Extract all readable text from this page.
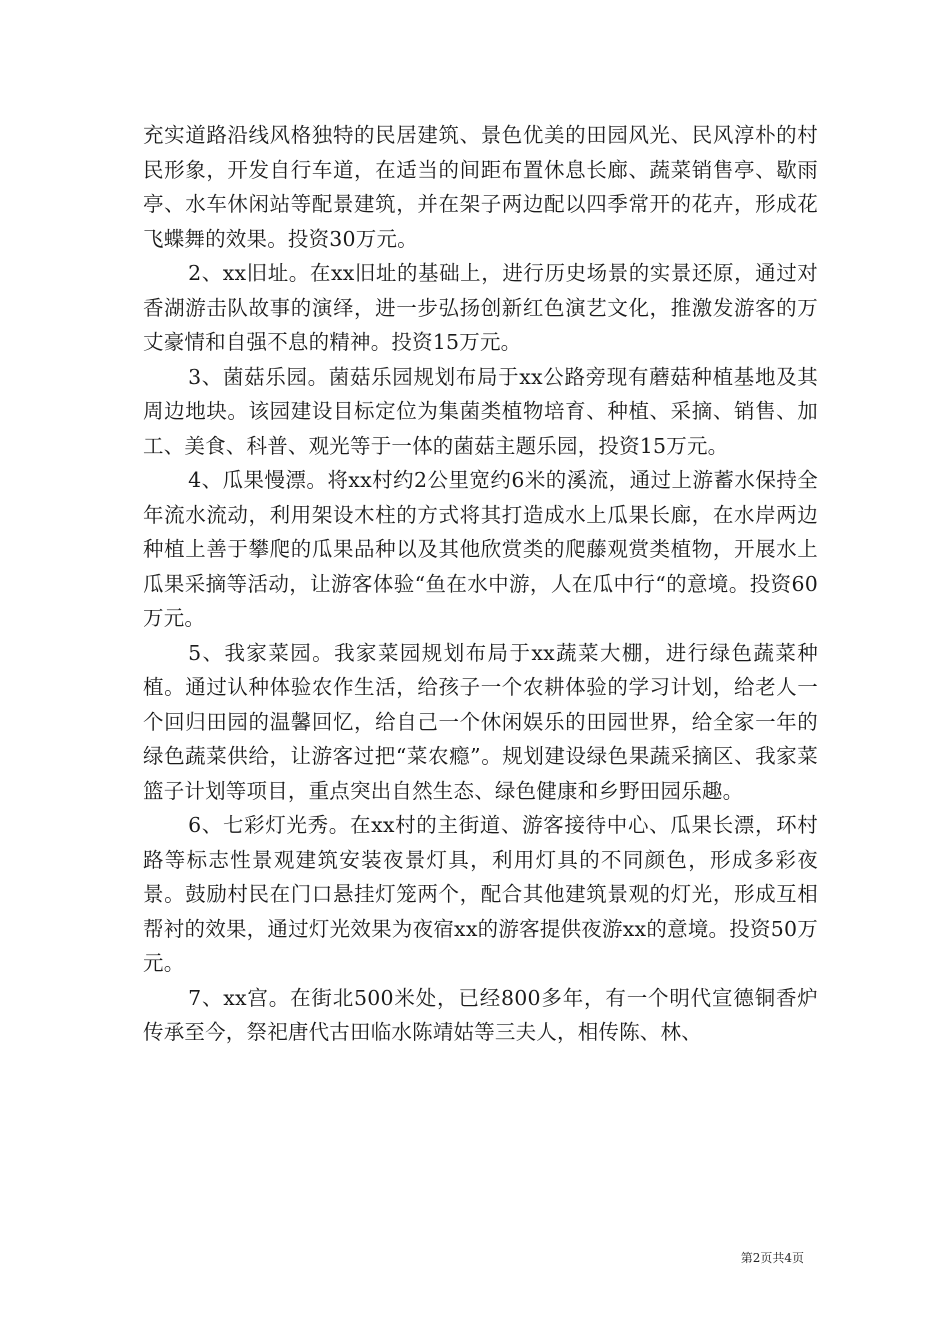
充实道路沿线风格独特的民居建筑、景色优美的田园风光、民风淳朴的村民形象，开发自行车道，在适当的间距布置休息长廊、蔬菜销售亭、歇雨亭、水车休闲站等配景建筑，并在架子两边配以四季常开的花卉，形成花飞蝶舞的效果。投资30万元。

2、xx旧址。在xx旧址的基础上，进行历史场景的实景还原，通过对香湖游击队故事的演绎，进一步弘扬创新红色演艺文化，推激发游客的万丈豪情和自强不息的精神。投资15万元。

3、菌菇乐园。菌菇乐园规划布局于xx公路旁现有蘑菇种植基地及其周边地块。该园建设目标定位为集菌类植物培育、种植、采摘、销售、加工、美食、科普、观光等于一体的菌菇主题乐园，投资15万元。

4、瓜果慢漂。将xx村约2公里宽约6米的溪流，通过上游蓄水保持全年流水流动，利用架设木柱的方式将其打造成水上瓜果长廊，在水岸两边种植上善于攀爬的瓜果品种以及其他欣赏类的爬藤观赏类植物，开展水上瓜果采摘等活动，让游客体验“鱼在水中游，人在瓜中行“的意境。投资60万元。

5、我家菜园。我家菜园规划布局于xx蔬菜大棚，进行绿色蔬菜种植。通过认种体验农作生活，给孩子一个农耕体验的学习计划，给老人一个回归田园的温馨回忆，给自己一个休闲娱乐的田园世界，给全家一年的绿色蔬菜供给，让游客过把“菜农瘾”。规划建设绿色果蔬采摘区、我家菜篮子计划等项目，重点突出自然生态、绿色健康和乡野田园乐趣。

6、七彩灯光秀。在xx村的主街道、游客接待中心、瓜果长漂，环村路等标志性景观建筑安装夜景灯具，利用灯具的不同颜色，形成多彩夜景。鼓励村民在门口悬挂灯笼两个，配合其他建筑景观的灯光，形成互相帮衬的效果，通过灯光效果为夜宿xx的游客提供夜游xx的意境。投资50万元。

7、xx宫。在街北500米处，已经800多年，有一个明代宣德铜香炉传承至今，祭祀唐代古田临水陈靖姑等三夫人，相传陈、林、

第2页共4页
